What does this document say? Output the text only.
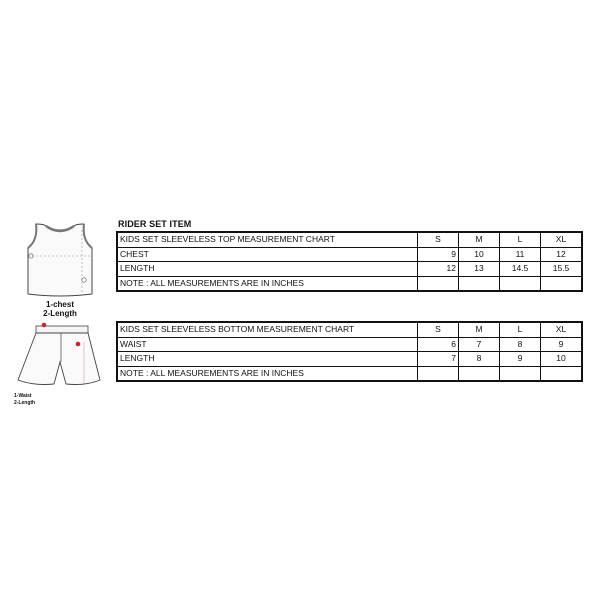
1-chest
2-Length
1-Waist
2-Length
RIDER SET ITEM
KIDS SET SLEEVELESS TOP MEASUREMENT CHART	S	M	L	XL
CHEST	9	10	11	12
LENGTH	12	13	14.5	15.5
NOTE : ALL MEASUREMENTS ARE IN INCHES				
KIDS SET SLEEVELESS BOTTOM MEASUREMENT CHART	S	M	L	XL
WAIST	6	7	8	9
LENGTH	7	8	9	10
NOTE : ALL MEASUREMENTS ARE IN INCHES				
